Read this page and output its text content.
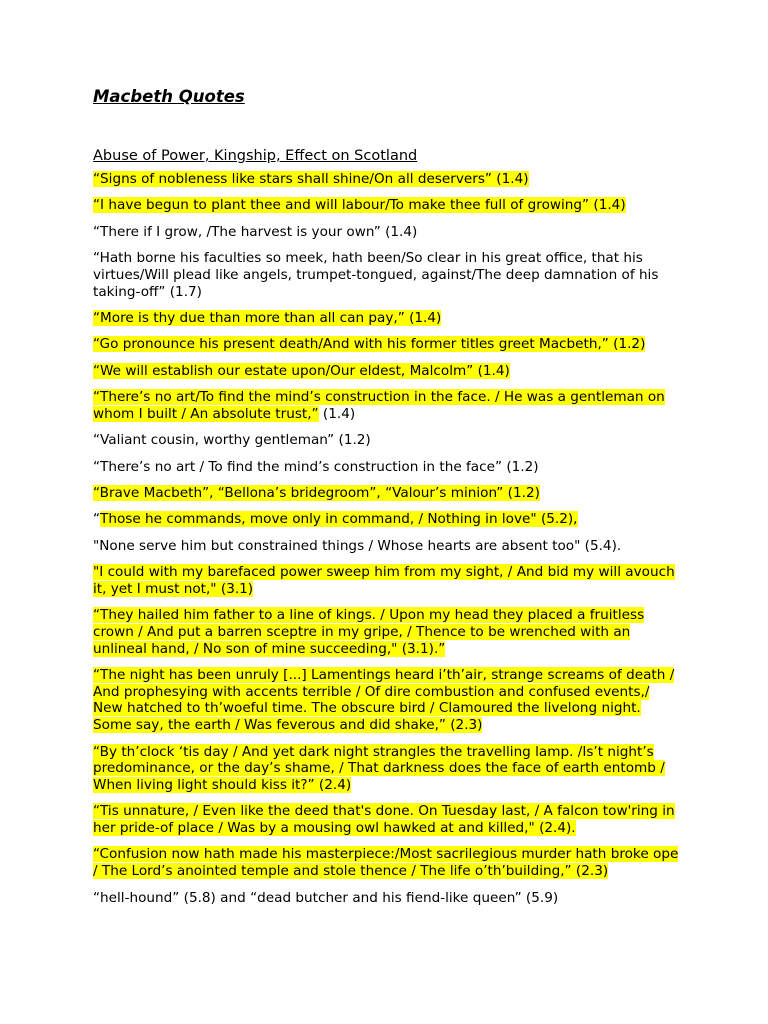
Macbeth Quotes
Abuse of Power, Kingship, Effect on Scotland
“Signs of nobleness like stars shall shine/On all deservers” (1.4)
“I have begun to plant thee and will labour/To make thee full of growing” (1.4)
“There if I grow, /The harvest is your own” (1.4)
“Hath borne his faculties so meek, hath been/So clear in his great office, that his virtues/Will plead like angels, trumpet-tongued, against/The deep damnation of his taking-off” (1.7)
“More is thy due than more than all can pay,” (1.4)
“Go pronounce his present death/And with his former titles greet Macbeth,” (1.2)
“We will establish our estate upon/Our eldest, Malcolm” (1.4)
“There’s no art/To find the mind’s construction in the face. / He was a gentleman on whom I built / An absolute trust,” (1.4)
“Valiant cousin, worthy gentleman” (1.2)
“There’s no art / To find the mind’s construction in the face” (1.2)
“Brave Macbeth”, “Bellona’s bridegroom”, “Valour’s minion” (1.2)
“Those he commands, move only in command, / Nothing in love" (5.2),
"None serve him but constrained things / Whose hearts are absent too" (5.4).
"I could with my barefaced power sweep him from my sight, / And bid my will avouch it, yet I must not," (3.1)
“They hailed him father to a line of kings. / Upon my head they placed a fruitless crown / And put a barren sceptre in my gripe, / Thence to be wrenched with an unlineal hand, / No son of mine succeeding," (3.1).”
“The night has been unruly [...] Lamentings heard i’th’air, strange screams of death / And prophesying with accents terrible / Of dire combustion and confused events,/ New hatched to th’woeful time. The obscure bird / Clamoured the livelong night. Some say, the earth / Was feverous and did shake,” (2.3)
“By th’clock ‘tis day / And yet dark night strangles the travelling lamp. /Is’t night’s predominance, or the day’s shame, / That darkness does the face of earth entomb / When living light should kiss it?” (2.4)
“Tis unnature, / Even like the deed that's done. On Tuesday last, / A falcon tow'ring in her pride-of place / Was by a mousing owl hawked at and killed," (2.4).
“Confusion now hath made his masterpiece:/Most sacrilegious murder hath broke ope / The Lord’s anointed temple and stole thence / The life o’th’building,” (2.3)
“hell-hound” (5.8) and “dead butcher and his fiend-like queen” (5.9)
